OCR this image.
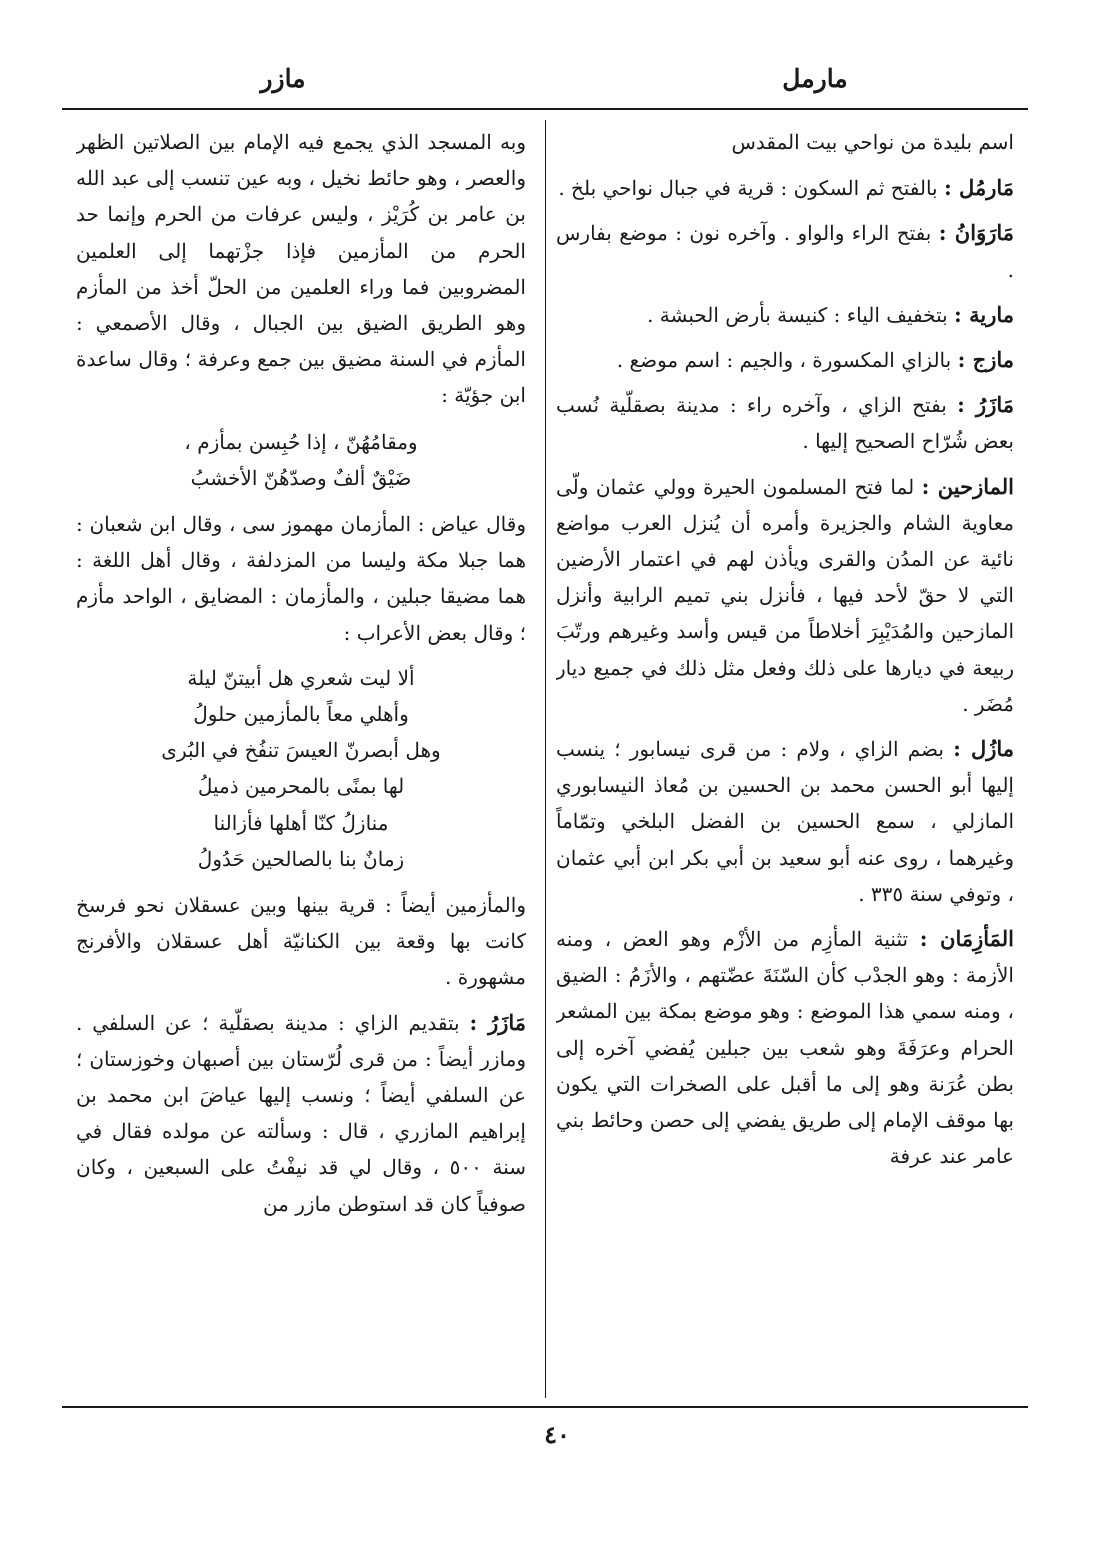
مارمل
مازر

اسم بليدة من نواحي بيت المقدس

مَارمُل : بالفتح ثم السكون : قرية في جبال نواحي بلخ .

مَارَوَانُ : بفتح الراء والواو . وآخره نون : موضع بفارس .

مارية : بتخفيف الياء : كنيسة بأرض الحبشة .

مازج : بالزاي المكسورة ، والجيم : اسم موضع .

مَازَرُ : بفتح الزاي ، وآخره راء : مدينة بصقلّية نُسب بعض شُرّاح الصحيح إليها .

المازحين : لما فتح المسلمون الحيرة وولي عثمان ولّى معاوية الشام والجزيرة وأمره أن يُنزل العرب مواضع نائية عن المدُن والقرى ويأذن لهم في اعتمار الأرضين التي لا حقّ لأحد فيها ، فأنزل بني تميم الرابية وأنزل المازحين والمُدَيْبِرَ أخلاطاً من قيس وأسد وغيرهم ورتّبَ ربيعة في ديارها على ذلك وفعل مثل ذلك في جميع ديار مُضَر .

مازُل : بضم الزاي ، ولام : من قرى نيسابور ؛ ينسب إليها أبو الحسن محمد بن الحسين بن مُعاذ النيسابوري المازلي ، سمع الحسين بن الفضل البلخي وتمّاماً وغيرهما ، روى عنه أبو سعيد بن أبي بكر ابن أبي عثمان ، وتوفي سنة ٣٣٥ .

المَأزِمَان : تثنية المأزِم من الأزْم وهو العض ، ومنه الأزمة : وهو الجدْب كأن السّنَةَ عضّتهم ، والأزَمُ : الضيق ، ومنه سمي هذا الموضع : وهو موضع بمكة بين المشعر الحرام وعرَفَةَ وهو شعب بين جبلين يُفضي آخره إلى بطن عُرَنة وهو إلى ما أقبل على الصخرات التي يكون بها موقف الإمام إلى طريق يفضي إلى حصن وحائط بني عامر عند عرفة

وبه المسجد الذي يجمع فيه الإمام بين الصلاتين الظهر والعصر ، وهو حائط نخيل ، وبه عين تنسب إلى عبد الله بن عامر بن كُرَيْز ، وليس عرفات من الحرم وإنما حد الحرم من المأزمين فإذا جزْتهما إلى العلمين المضروبين فما وراء العلمين من الحلّ أخذ من المأزم وهو الطريق الضيق بين الجبال ، وقال الأصمعي : المأزم في السنة مضيق بين جمع وعرفة ؛ وقال ساعدة ابن جؤيّة :

ومقامُهُنّ ، إذا حُبِسن بمأزم ،
ضَيْقٌ ألفٌ وصدّهُنّ الأخشبُ

وقال عياض : المأزمان مهموز سى ، وقال ابن شعبان : هما جبلا مكة وليسا من المزدلفة ، وقال أهل اللغة : هما مضيقا جبلين ، والمأزمان : المضايق ، الواحد مأزم ؛ وقال بعض الأعراب :

ألا ليت شعري هل أبيتنّ ليلة
وأهلي معاً بالمأزمين حلولُ
وهل أبصرنّ العيسَ تنفُخ في البُرى
لها بمنًى بالمحرمين ذميلُ
منازلُ كنّا أهلها فأزالنا
زمانٌ بنا بالصالحين حَدُولُ

والمأزمين أيضاً : قرية بينها وبين عسقلان نحو فرسخ كانت بها وقعة بين الكنانيّة أهل عسقلان والأفرنج مشهورة .

مَازَرُ : بتقديم الزاي : مدينة بصقلّية ؛ عن السلفي . ومازر أيضاً : من قرى لُرّستان بين أصبهان وخوزستان ؛ عن السلفي أيضاً ؛ ونسب إليها عياضَ ابن محمد بن إبراهيم المازري ، قال : وسألته عن مولده فقال في سنة ٥٠٠ ، وقال لي قد نيفْتُ على السبعين ، وكان صوفياً كان قد استوطن مازر من

٤٠
